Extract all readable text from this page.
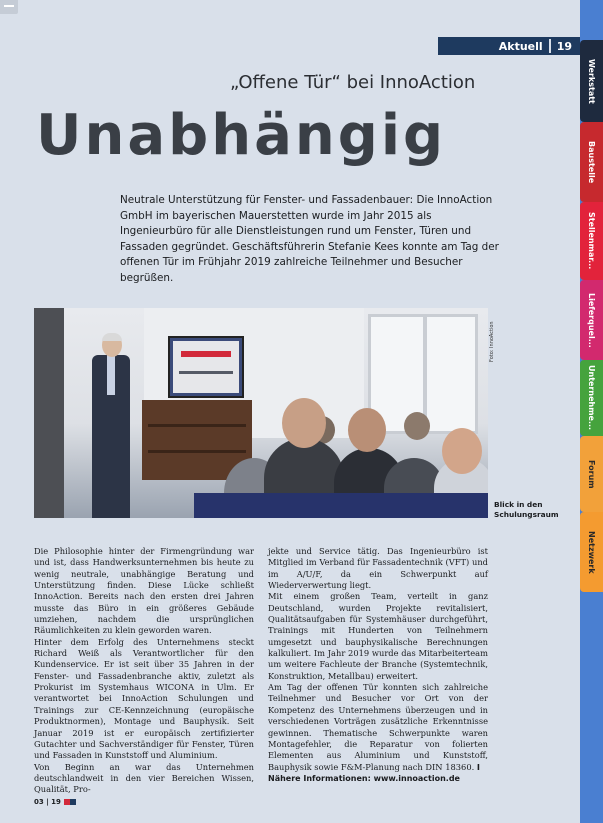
Aktuell 19
„Offene Tür“ bei InnoAction
Unabhängig
Neutrale Unterstützung für Fenster- und Fassadenbauer: Die InnoAction GmbH im bayerischen Mauerstetten wurde im Jahr 2015 als Ingenieurbüro für alle Dienstleistungen rund um Fenster, Türen und Fassaden gegründet. Geschäftsführerin Stefanie Kees konnte am Tag der offenen Tür im Frühjahr 2019 zahlreiche Teilnehmer und Besucher begrüßen.
Foto: InnoAction
Blick in den Schulungsraum

Die Philosophie hinter der Firmengründung war und ist, dass Handwerksunternehmen bis heute zu wenig neutrale, unabhängige Beratung und Unterstützung finden. Diese Lücke schließt InnoAction. Bereits nach den ersten drei Jahren musste das Büro in ein größeres Gebäude umziehen, nachdem die ursprünglichen Räumlichkeiten zu klein geworden waren.

Hinter dem Erfolg des Unternehmens steckt Richard Weiß als Verantwortlicher für den Kundenservice. Er ist seit über 35 Jahren in der Fenster- und Fassadenbranche aktiv, zuletzt als Prokurist im Systemhaus WICONA in Ulm. Er verantwortet bei InnoAction Schulungen und Trainings zur CE-Kennzeichnung (europäische Produktnormen), Montage und Bauphysik. Seit Januar 2019 ist er europäisch zertifizierter Gutachter und Sachverständiger für Fenster, Türen und Fassaden in Kunststoff und Aluminium.

Von Beginn an war das Unternehmen deutschlandweit in den vier Bereichen Wissen, Qualität, Pro-

jekte und Service tätig. Das Ingenieurbüro ist Mitglied im Verband für Fassadentechnik (VFT) und im A/U/F, da ein Schwerpunkt auf Wiederverwertung liegt.

Mit einem großen Team, verteilt in ganz Deutschland, wurden Projekte revitalisiert, Qualitätsaufgaben für Systemhäuser durchgeführt, Trainings mit Hunderten von Teilnehmern umgesetzt und bauphysikalische Berechnungen kalkuliert. Im Jahr 2019 wurde das Mitarbeiterteam um weitere Fachleute der Branche (Systemtechnik, Konstruktion, Metallbau) erweitert.

Am Tag der offenen Tür konnten sich zahlreiche Teilnehmer und Besucher vor Ort von der Kompetenz des Unternehmens überzeugen und in verschiedenen Vorträgen zusätzliche Erkenntnisse gewinnen. Thematische Schwerpunkte waren Montagefehler, die Reparatur von folierten Elementen aus Aluminium und Kunststoff, Bauphysik sowie F&M-Planung nach DIN 18360. I

Nähere Informationen: www.innoaction.de

03 | 19
Werkstatt
Baustelle
Stellenmar...
Lieferquel...
Unternehme...
Forum
Netzwerk
